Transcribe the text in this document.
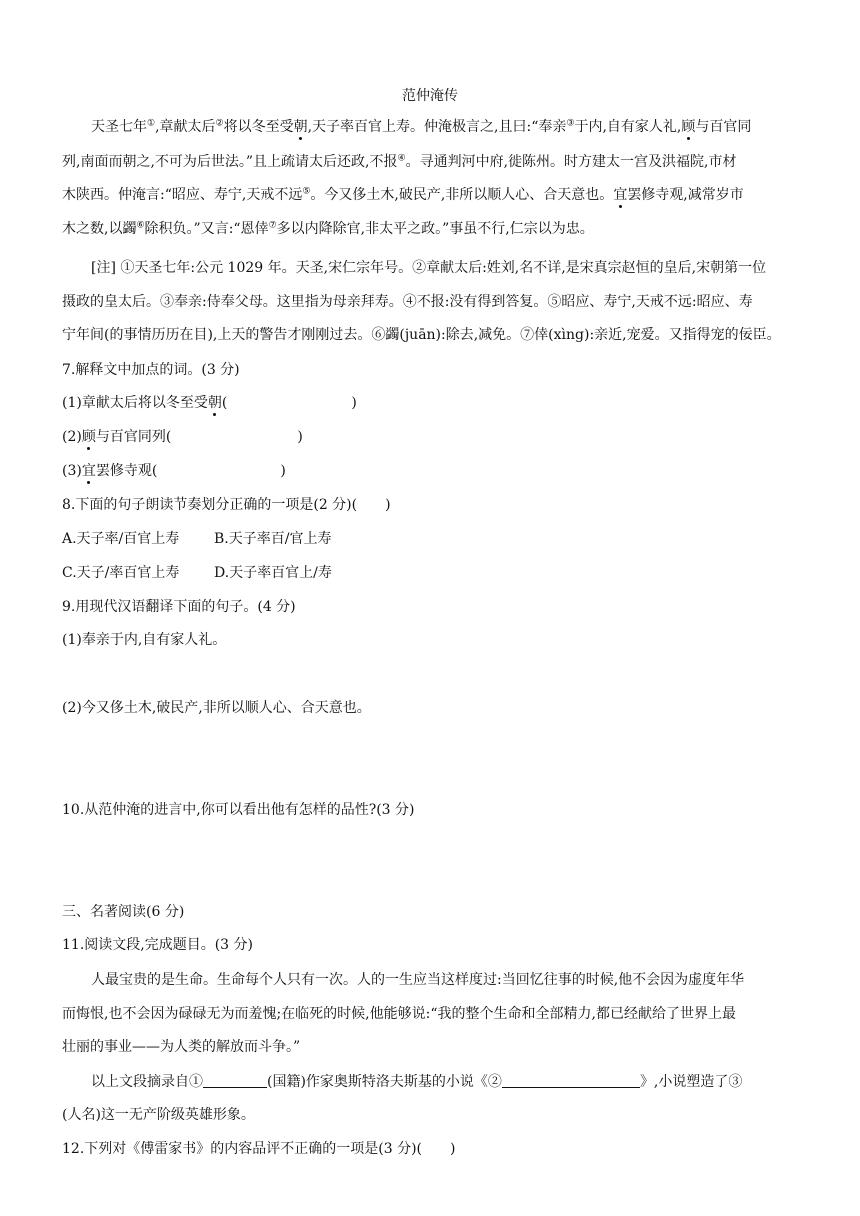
范仲淹传
天圣七年①,章献太后②将以冬至受朝,天子率百官上寿。仲淹极言之,且曰:“奉亲③于内,自有家人礼,顾与百官同
列,南面而朝之,不可为后世法。”且上疏请太后还政,不报④。寻通判河中府,徙陈州。时方建太一宫及洪福院,市材
木陕西。仲淹言:“昭应、寿宁,天戒不远⑤。今又侈土木,破民产,非所以顺人心、合天意也。宜罢修寺观,减常岁市
木之数,以蠲⑥除积负。”又言:“恩倖⑦多以内降除官,非太平之政。”事虽不行,仁宗以为忠。
[注] ①天圣七年:公元 1029 年。天圣,宋仁宗年号。②章献太后:姓刘,名不详,是宋真宗赵恒的皇后,宋朝第一位
摄政的皇太后。③奉亲:侍奉父母。这里指为母亲拜寿。④不报:没有得到答复。⑤昭应、寿宁,天戒不远:昭应、寿
宁年间(的事情历历在目),上天的警告才刚刚过去。⑥蠲(juān):除去,减免。⑦倖(xìng):亲近,宠爱。又指得宠的佞臣。
7.解释文中加点的词。(3 分)
(1)章献太后将以冬至受朝(	)
(2)顾与百官同列(	)
(3)宜罢修寺观(	)
8.下面的句子朗读节奏划分正确的一项是(2 分)(　　)
A.天子率/百官上寿 B.天子率百/官上寿
C.天子/率百官上寿 D.天子率百官上/寿
9.用现代汉语翻译下面的句子。(4 分)
(1)奉亲于内,自有家人礼。
(2)今又侈土木,破民产,非所以顺人心、合天意也。
10.从范仲淹的进言中,你可以看出他有怎样的品性?(3 分)
三、名著阅读(6 分)
11.阅读文段,完成题目。(3 分)
人最宝贵的是生命。生命每个人只有一次。人的一生应当这样度过:当回忆往事的时候,他不会因为虚度年华
而悔恨,也不会因为碌碌无为而羞愧;在临死的时候,他能够说:“我的整个生命和全部精力,都已经献给了世界上最
壮丽的事业——为人类的解放而斗争。”
以上文段摘录自①	(国籍)作家奥斯特洛夫斯基的小说《②	》,小说塑造了③
(人名)这一无产阶级英雄形象。
12.下列对《傅雷家书》的内容品评不正确的一项是(3 分)(　　)
